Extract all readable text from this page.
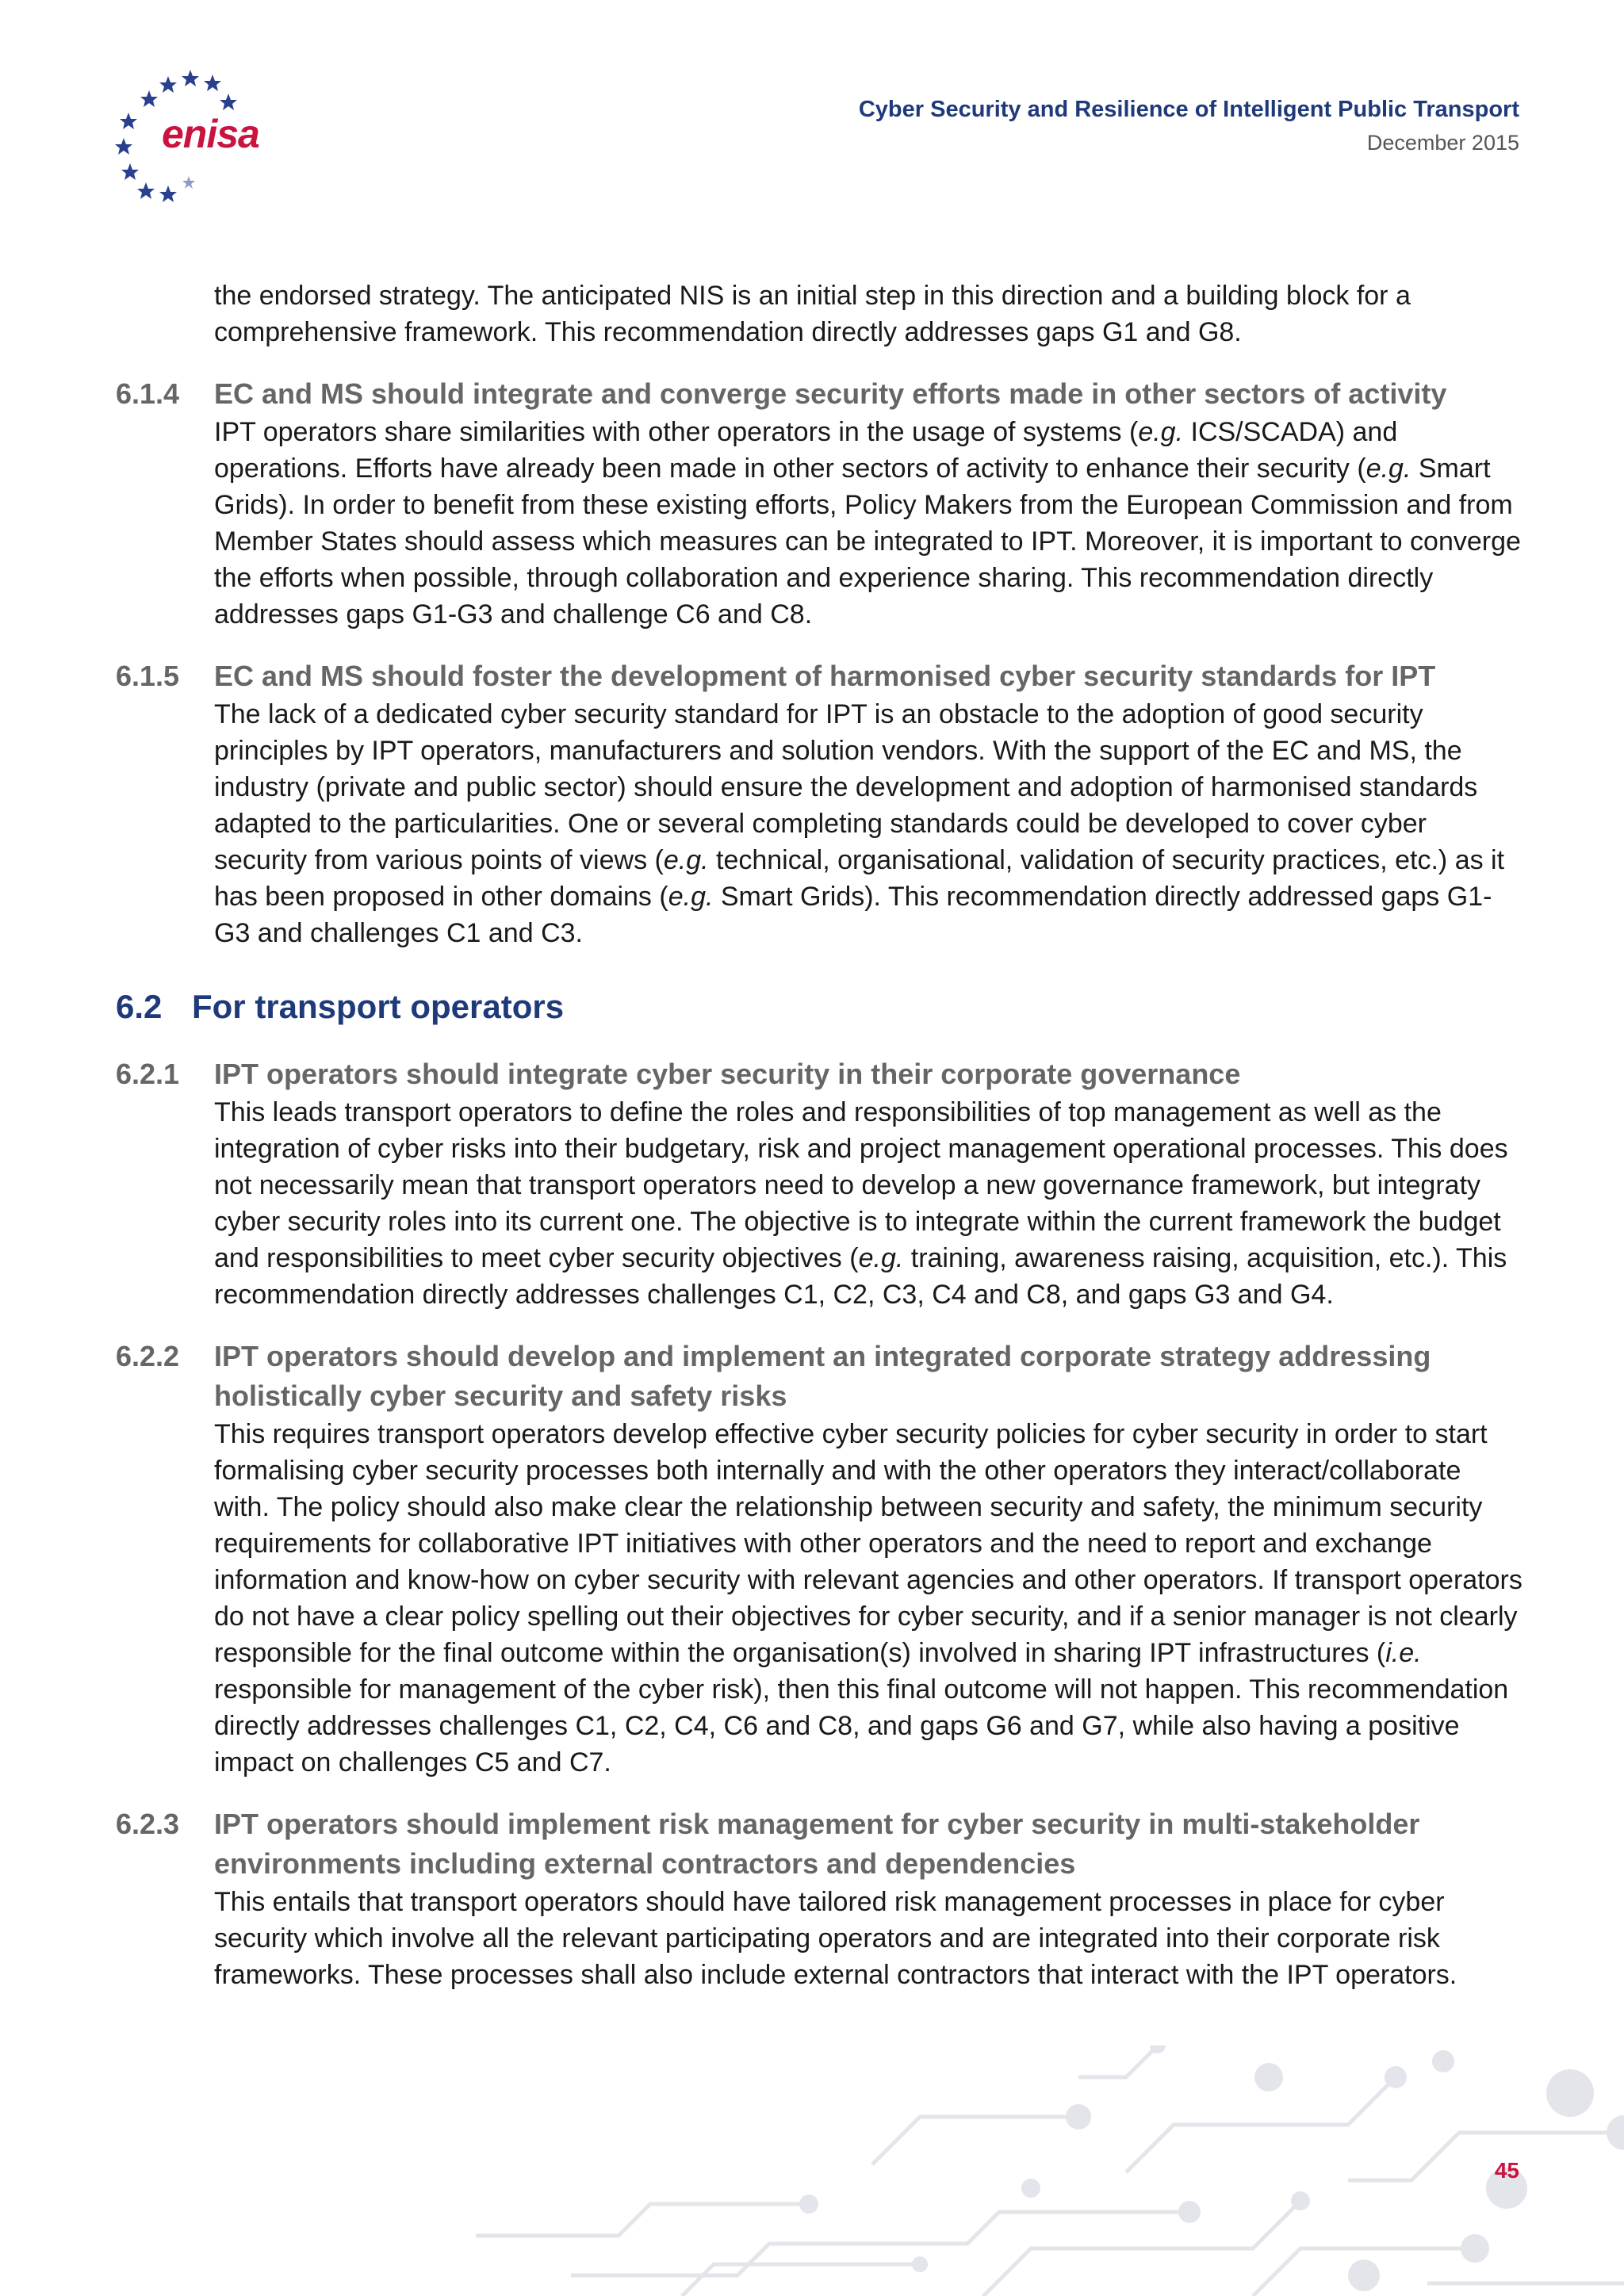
enisa
Cyber Security and Resilience of Intelligent Public Transport
December 2015
the endorsed strategy. The anticipated NIS is an initial step in this direction and a building block for a comprehensive framework. This recommendation directly addresses gaps G1 and G8.
6.1.4	EC and MS should integrate and converge security efforts made in other sectors of activity
IPT operators share similarities with other operators in the usage of systems (e.g. ICS/SCADA) and operations. Efforts have already been made in other sectors of activity to enhance their security (e.g. Smart Grids). In order to benefit from these existing efforts, Policy Makers from the European Commission and from Member States should assess which measures can be integrated to IPT. Moreover, it is important to converge the efforts when possible, through collaboration and experience sharing. This recommendation directly addresses gaps G1-G3 and challenge C6 and C8.
6.1.5	EC and MS should foster the development of harmonised cyber security standards for IPT
The lack of a dedicated cyber security standard for IPT is an obstacle to the adoption of good security principles by IPT operators, manufacturers and solution vendors. With the support of the EC and MS, the industry (private and public sector) should ensure the development and adoption of harmonised standards adapted to the particularities. One or several completing standards could be developed to cover cyber security from various points of views (e.g. technical, organisational, validation of security practices, etc.) as it has been proposed in other domains (e.g. Smart Grids). This recommendation directly addressed gaps G1-G3 and challenges C1 and C3.
6.2 For transport operators
6.2.1	IPT operators should integrate cyber security in their corporate governance
This leads transport operators to define the roles and responsibilities of top management as well as the integration of cyber risks into their budgetary, risk and project management operational processes. This does not necessarily mean that transport operators need to develop a new governance framework, but integraty cyber security roles into its current one. The objective is to integrate within the current framework the budget and responsibilities to meet cyber security objectives (e.g. training, awareness raising, acquisition, etc.). This recommendation directly addresses challenges C1, C2, C3, C4 and C8, and gaps G3 and G4.
6.2.2	IPT operators should develop and implement an integrated corporate strategy addressing holistically cyber security and safety risks
This requires transport operators develop effective cyber security policies for cyber security in order to start formalising cyber security processes both internally and with the other operators they interact/collaborate with. The policy should also make clear the relationship between security and safety, the minimum security requirements for collaborative IPT initiatives with other operators and the need to report and exchange information and know-how on cyber security with relevant agencies and other operators. If transport operators do not have a clear policy spelling out their objectives for cyber security, and if a senior manager is not clearly responsible for the final outcome within the organisation(s) involved in sharing IPT infrastructures (i.e. responsible for management of the cyber risk), then this final outcome will not happen. This recommendation directly addresses challenges C1, C2, C4, C6 and C8, and gaps G6 and G7, while also having a positive impact on challenges C5 and C7.
6.2.3	IPT operators should implement risk management for cyber security in multi-stakeholder environments including external contractors and dependencies
This entails that transport operators should have tailored risk management processes in place for cyber security which involve all the relevant participating operators and are integrated into their corporate risk frameworks. These processes shall also include external contractors that interact with the IPT operators.
45
